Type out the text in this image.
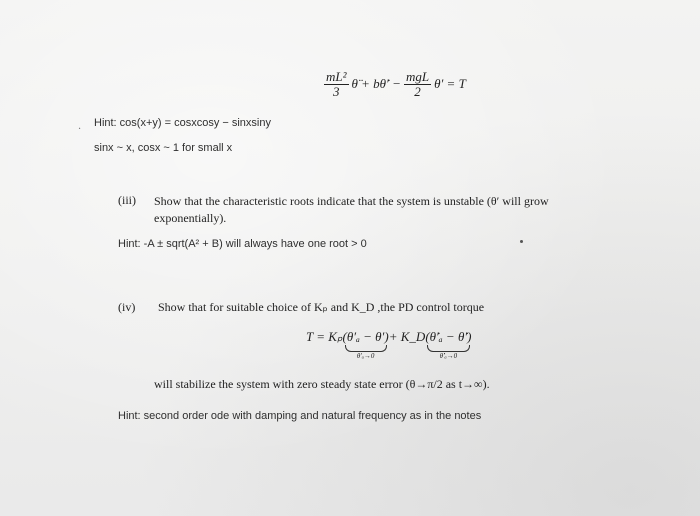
$\frac{\text{mL²}}{3}$ θ̈ + bθ̇′ − $\frac{\text{mgL}}{2} \theta' = T$
·
Hint: cos(x+y) = cosxcosy − sinxsiny
sinx ~ x, cosx ~ 1 for small x
(iii) Show that the characteristic roots indicate that the system is unstable (θ′ will grow exponentially).
Hint: -A ± sqrt(A² + B) will always have one root > 0
(iv) Show that for suitable choice of Kₚ and K_D ,the PD control torque
T = Kₚ (θ′ₐ − θ′)
θ′ₐ→0
+ K_D (θ̇′ₐ − θ̇′)
θ̇′ₐ→0
will stabilize the system with zero steady state error (θ→π/2 as t→∞).
Hint: second order ode with damping and natural frequency as in the notes
